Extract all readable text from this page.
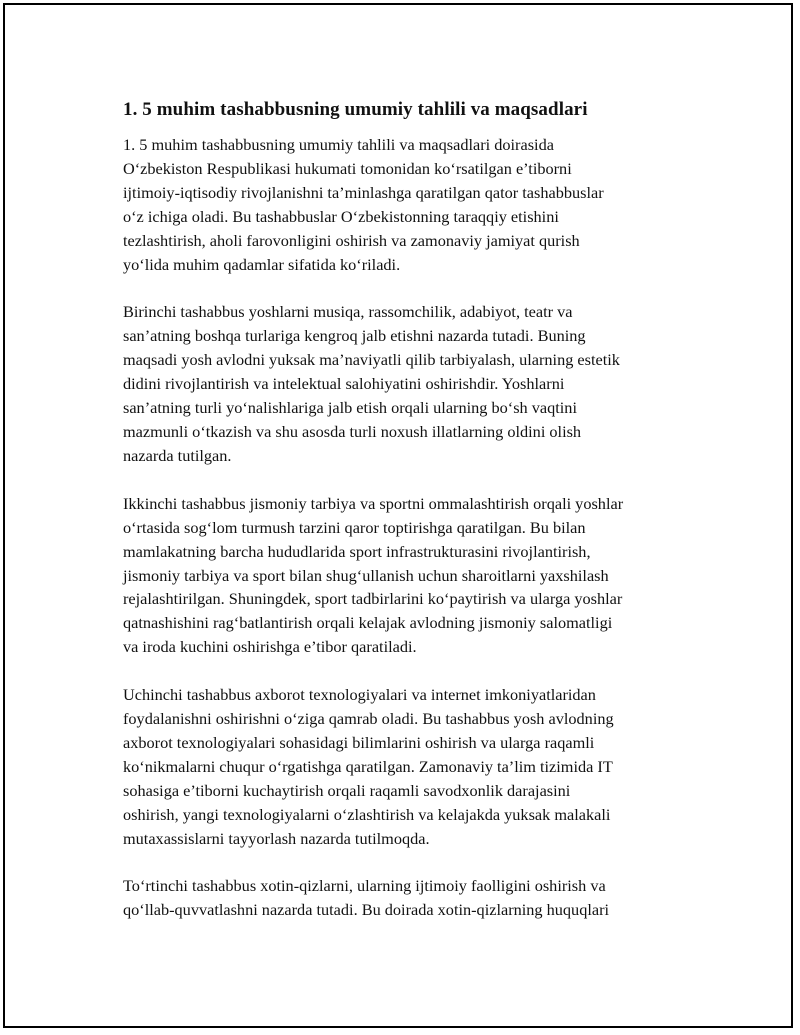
1. 5 muhim tashabbusning umumiy tahlili va maqsadlari

1. 5 muhim tashabbusning umumiy tahlili va maqsadlari doirasida
O‘zbekiston Respublikasi hukumati tomonidan ko‘rsatilgan e’tiborni
ijtimoiy-iqtisodiy rivojlanishni ta’minlashga qaratilgan qator tashabbuslar
o‘z ichiga oladi. Bu tashabbuslar O‘zbekistonning taraqqiy etishini
tezlashtirish, aholi farovonligini oshirish va zamonaviy jamiyat qurish
yo‘lida muhim qadamlar sifatida ko‘riladi.

Birinchi tashabbus yoshlarni musiqa, rassomchilik, adabiyot, teatr va
san’atning boshqa turlariga kengroq jalb etishni nazarda tutadi. Buning
maqsadi yosh avlodni yuksak ma’naviyatli qilib tarbiyalash, ularning estetik
didini rivojlantirish va intelektual salohiyatini oshirishdir. Yoshlarni
san’atning turli yo‘nalishlariga jalb etish orqali ularning bo‘sh vaqtini
mazmunli o‘tkazish va shu asosda turli noxush illatlarning oldini olish
nazarda tutilgan.

Ikkinchi tashabbus jismoniy tarbiya va sportni ommalashtirish orqali yoshlar
o‘rtasida sog‘lom turmush tarzini qaror toptirishga qaratilgan. Bu bilan
mamlakatning barcha hududlarida sport infrastrukturasini rivojlantirish,
jismoniy tarbiya va sport bilan shug‘ullanish uchun sharoitlarni yaxshilash
rejalashtirilgan. Shuningdek, sport tadbirlarini ko‘paytirish va ularga yoshlar
qatnashishini rag‘batlantirish orqali kelajak avlodning jismoniy salomatligi
va iroda kuchini oshirishga e’tibor qaratiladi.

Uchinchi tashabbus axborot texnologiyalari va internet imkoniyatlaridan
foydalanishni oshirishni o‘ziga qamrab oladi. Bu tashabbus yosh avlodning
axborot texnologiyalari sohasidagi bilimlarini oshirish va ularga raqamli
ko‘nikmalarni chuqur o‘rgatishga qaratilgan. Zamonaviy ta’lim tizimida IT
sohasiga e’tiborni kuchaytirish orqali raqamli savodxonlik darajasini
oshirish, yangi texnologiyalarni o‘zlashtirish va kelajakda yuksak malakali
mutaxassislarni tayyorlash nazarda tutilmoqda.

To‘rtinchi tashabbus xotin-qizlarni, ularning ijtimoiy faolligini oshirish va
qo‘llab-quvvatlashni nazarda tutadi. Bu doirada xotin-qizlarning huquqlari
